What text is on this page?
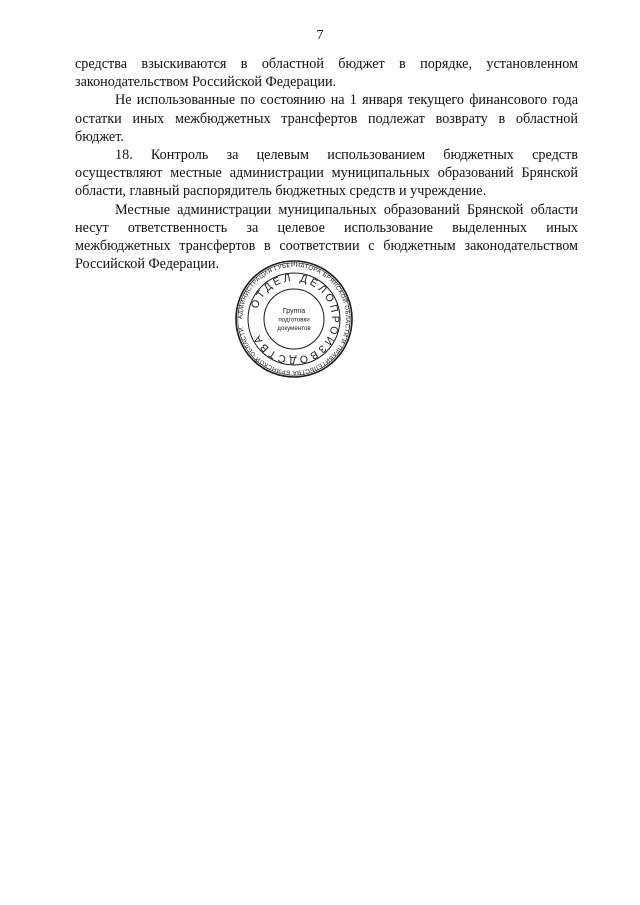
7

средства взыскиваются в областной бюджет в порядке, установленном законодательством Российской Федерации.

Не использованные по состоянию на 1 января текущего финансового года остатки иных межбюджетных трансфертов подлежат возврату в областной бюджет.

18. Контроль за целевым использованием бюджетных средств осуществляют местные администрации муниципальных образований Брянской области, главный распорядитель бюджетных средств и учреждение.

Местные администрации муниципальных образований Брянской области несут ответственность за целевое использование выделенных иных межбюджетных трансфертов в соответствии с бюджетным законодательством Российской Федерации.

АДМИНИСТРАЦИЯ ГУБЕРНАТОРА БРЯНСКОЙ ОБЛАСТИ И ПРАВИТЕЛЬСТВА БРЯНСКОЙ ОБЛАСТИ
ОТДЕЛ ДЕЛОПРОИЗВОДСТВА
Группа
подготовки
документов
